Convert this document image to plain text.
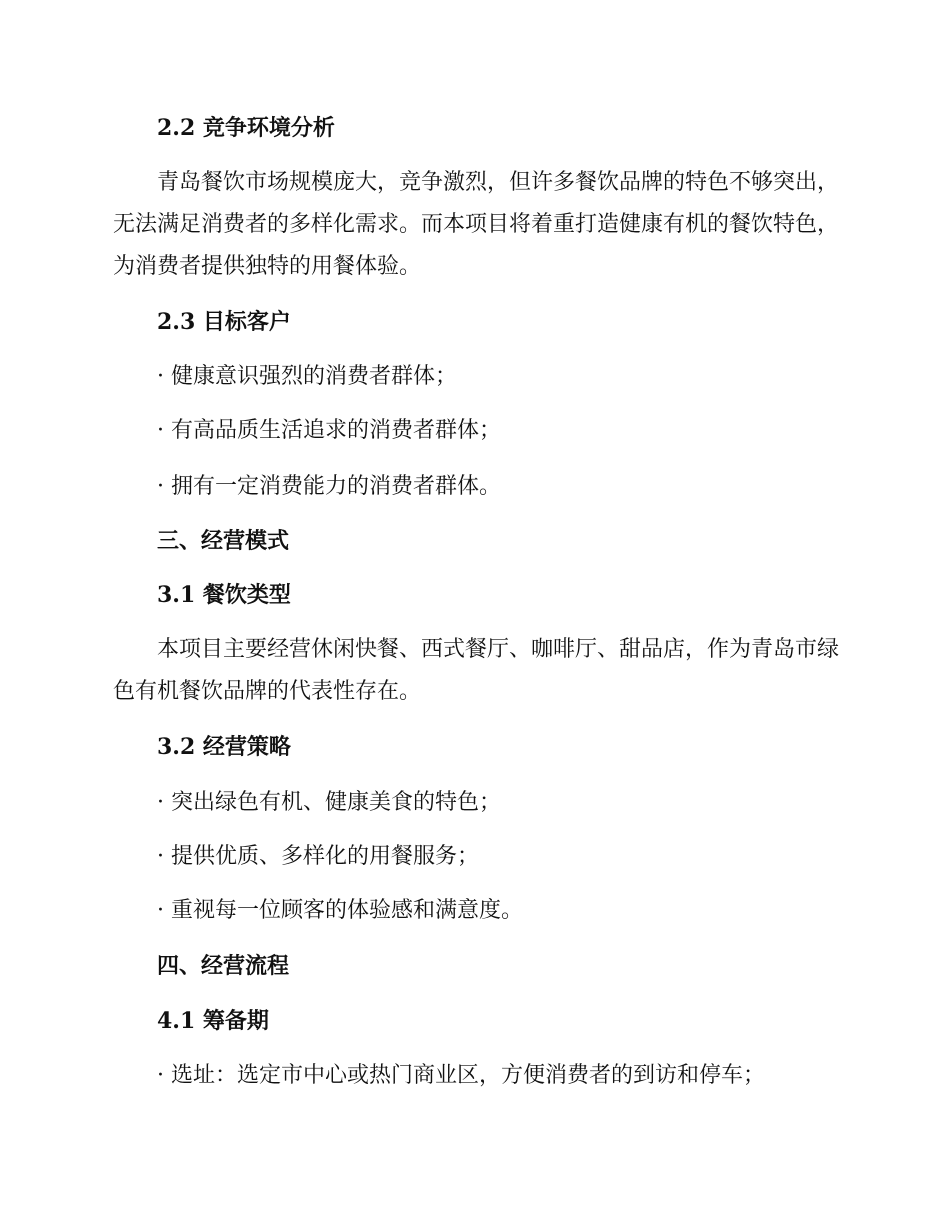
2.2 竞争环境分析
青岛餐饮市场规模庞大，竞争激烈，但许多餐饮品牌的特色不够突出，
无法满足消费者的多样化需求。而本项目将着重打造健康有机的餐饮特色，
为消费者提供独特的用餐体验。
2.3 目标客户
· 健康意识强烈的消费者群体；
· 有高品质生活追求的消费者群体；
· 拥有一定消费能力的消费者群体。
三、经营模式
3.1 餐饮类型
本项目主要经营休闲快餐、西式餐厅、咖啡厅、甜品店，作为青岛市绿
色有机餐饮品牌的代表性存在。
3.2 经营策略
· 突出绿色有机、健康美食的特色；
· 提供优质、多样化的用餐服务；
· 重视每一位顾客的体验感和满意度。
四、经营流程
4.1 筹备期
· 选址：选定市中心或热门商业区，方便消费者的到访和停车；
